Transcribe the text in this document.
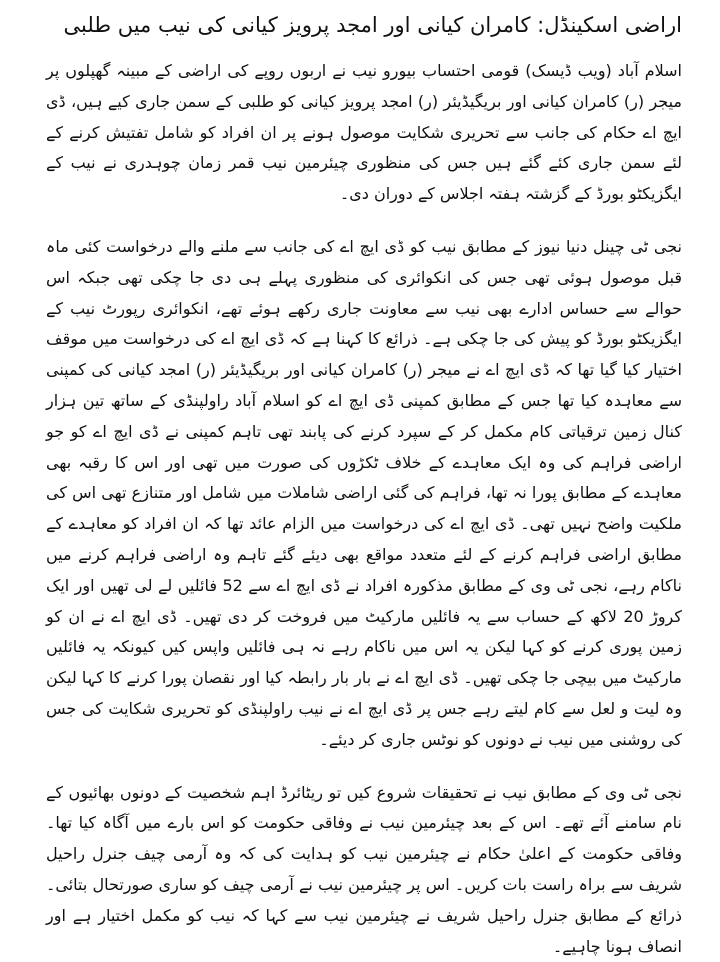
اراضی اسکینڈل: کامران کیانی اور امجد پرویز کیانی کی نیب میں طلبی

اسلام آباد (ویب ڈیسک) قومی احتساب بیورو نیب نے اربوں روپے کی اراضی کے مبینہ گھپلوں پر میجر (ر) کامران کیانی اور بریگیڈیئر (ر) امجد پرویز کیانی کو طلبی کے سمن جاری کیے ہیں، ڈی ایچ اے حکام کی جانب سے تحریری شکایت موصول ہونے پر ان افراد کو شامل تفتیش کرنے کے لئے سمن جاری کئے گئے ہیں جس کی منظوری چیئرمین نیب قمر زمان چوہدری نے نیب کے ایگزیکٹو بورڈ کے گزشتہ ہفتہ اجلاس کے دوران دی۔

نجی ٹی چینل دنیا نیوز کے مطابق نیب کو ڈی ایچ اے کی جانب سے ملنے والے درخواست کئی ماہ قبل موصول ہوئی تھی جس کی انکوائری کی منظوری پہلے ہی دی جا چکی تھی جبکہ اس حوالے سے حساس ادارے بھی نیب سے معاونت جاری رکھے ہوئے تھے، انکوائری رپورٹ نیب کے ایگزیکٹو بورڈ کو پیش کی جا چکی ہے۔ ذرائع کا کہنا ہے کہ ڈی ایچ اے کی درخواست میں موقف اختیار کیا گیا تھا کہ ڈی ایچ اے نے میجر (ر) کامران کیانی اور بریگیڈیئر (ر) امجد کیانی کی کمپنی سے معاہدہ کیا تھا جس کے مطابق کمپنی ڈی ایچ اے کو اسلام آباد راولپنڈی کے ساتھ تین ہزار کنال زمین ترقیاتی کام مکمل کر کے سپرد کرنے کی پابند تھی تاہم کمپنی نے ڈی ایچ اے کو جو اراضی فراہم کی وہ ایک معاہدے کے خلاف ٹکڑوں کی صورت میں تھی اور اس کا رقبہ بھی معاہدے کے مطابق پورا نہ تھا، فراہم کی گئی اراضی شاملات میں شامل اور متنازع تھی اس کی ملکیت واضح نہیں تھی۔ ڈی ایچ اے کی درخواست میں الزام عائد تھا کہ ان افراد کو معاہدے کے مطابق اراضی فراہم کرنے کے لئے متعدد مواقع بھی دیئے گئے تاہم وہ اراضی فراہم کرنے میں ناکام رہے، نجی ٹی وی کے مطابق مذکورہ افراد نے ڈی ایچ اے سے 52 فائلیں لے لی تھیں اور ایک کروڑ 20 لاکھ کے حساب سے یہ فائلیں مارکیٹ میں فروخت کر دی تھیں۔ ڈی ایچ اے نے ان کو زمین پوری کرنے کو کہا لیکن یہ اس میں ناکام رہے نہ ہی فائلیں واپس کیں کیونکہ یہ فائلیں مارکیٹ میں بیچی جا چکی تھیں۔ ڈی ایچ اے نے بار بار رابطہ کیا اور نقصان پورا کرنے کا کہا لیکن وہ لیت و لعل سے کام لیتے رہے جس پر ڈی ایچ اے نے نیب راولپنڈی کو تحریری شکایت کی جس کی روشنی میں نیب نے دونوں کو نوٹس جاری کر دیئے۔

نجی ٹی وی کے مطابق نیب نے تحقیقات شروع کیں تو ریٹائرڈ اہم شخصیت کے دونوں بھائیوں کے نام سامنے آئے تھے۔ اس کے بعد چیئرمین نیب نے وفاقی حکومت کو اس بارے میں آگاہ کیا تھا۔ وفاقی حکومت کے اعلیٰ حکام نے چیئرمین نیب کو ہدایت کی کہ وہ آرمی چیف جنرل راحیل شریف سے براہ راست بات کریں۔ اس پر چیئرمین نیب نے آرمی چیف کو ساری صورتحال بتائی۔ ذرائع کے مطابق جنرل راحیل شریف نے چیئرمین نیب سے کہا کہ نیب کو مکمل اختیار ہے اور انصاف ہونا چاہیے۔
